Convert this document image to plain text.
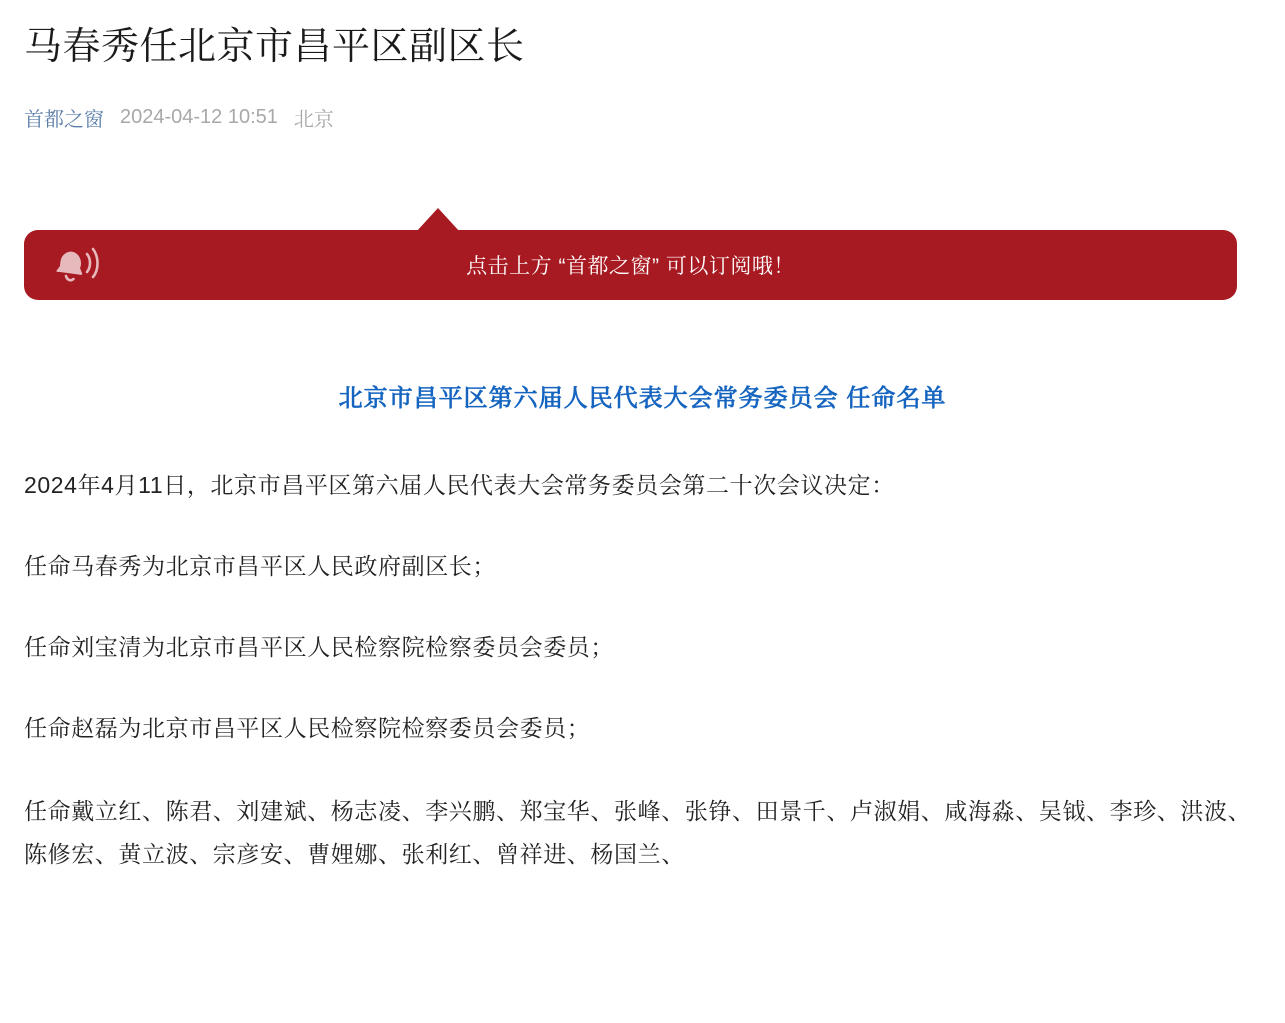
马春秀任北京市昌平区副区长
首都之窗 2024-04-12 10:51 北京
点击上方 “首都之窗” 可以订阅哦！
北京市昌平区第六届人民代表大会常务委员会 任命名单

2024年4月11日，北京市昌平区第六届人民代表大会常务委员会第二十次会议决定：

任命马春秀为北京市昌平区人民政府副区长；

任命刘宝清为北京市昌平区人民检察院检察委员会委员；

任命赵磊为北京市昌平区人民检察院检察委员会委员；

任命戴立红、陈君、刘建斌、杨志凌、李兴鹏、郑宝华、张峰、张铮、田景千、卢淑娟、咸海淼、吴钺、李珍、洪波、陈修宏、黄立波、宗彦安、曹娌娜、张利红、曾祥进、杨国兰、
